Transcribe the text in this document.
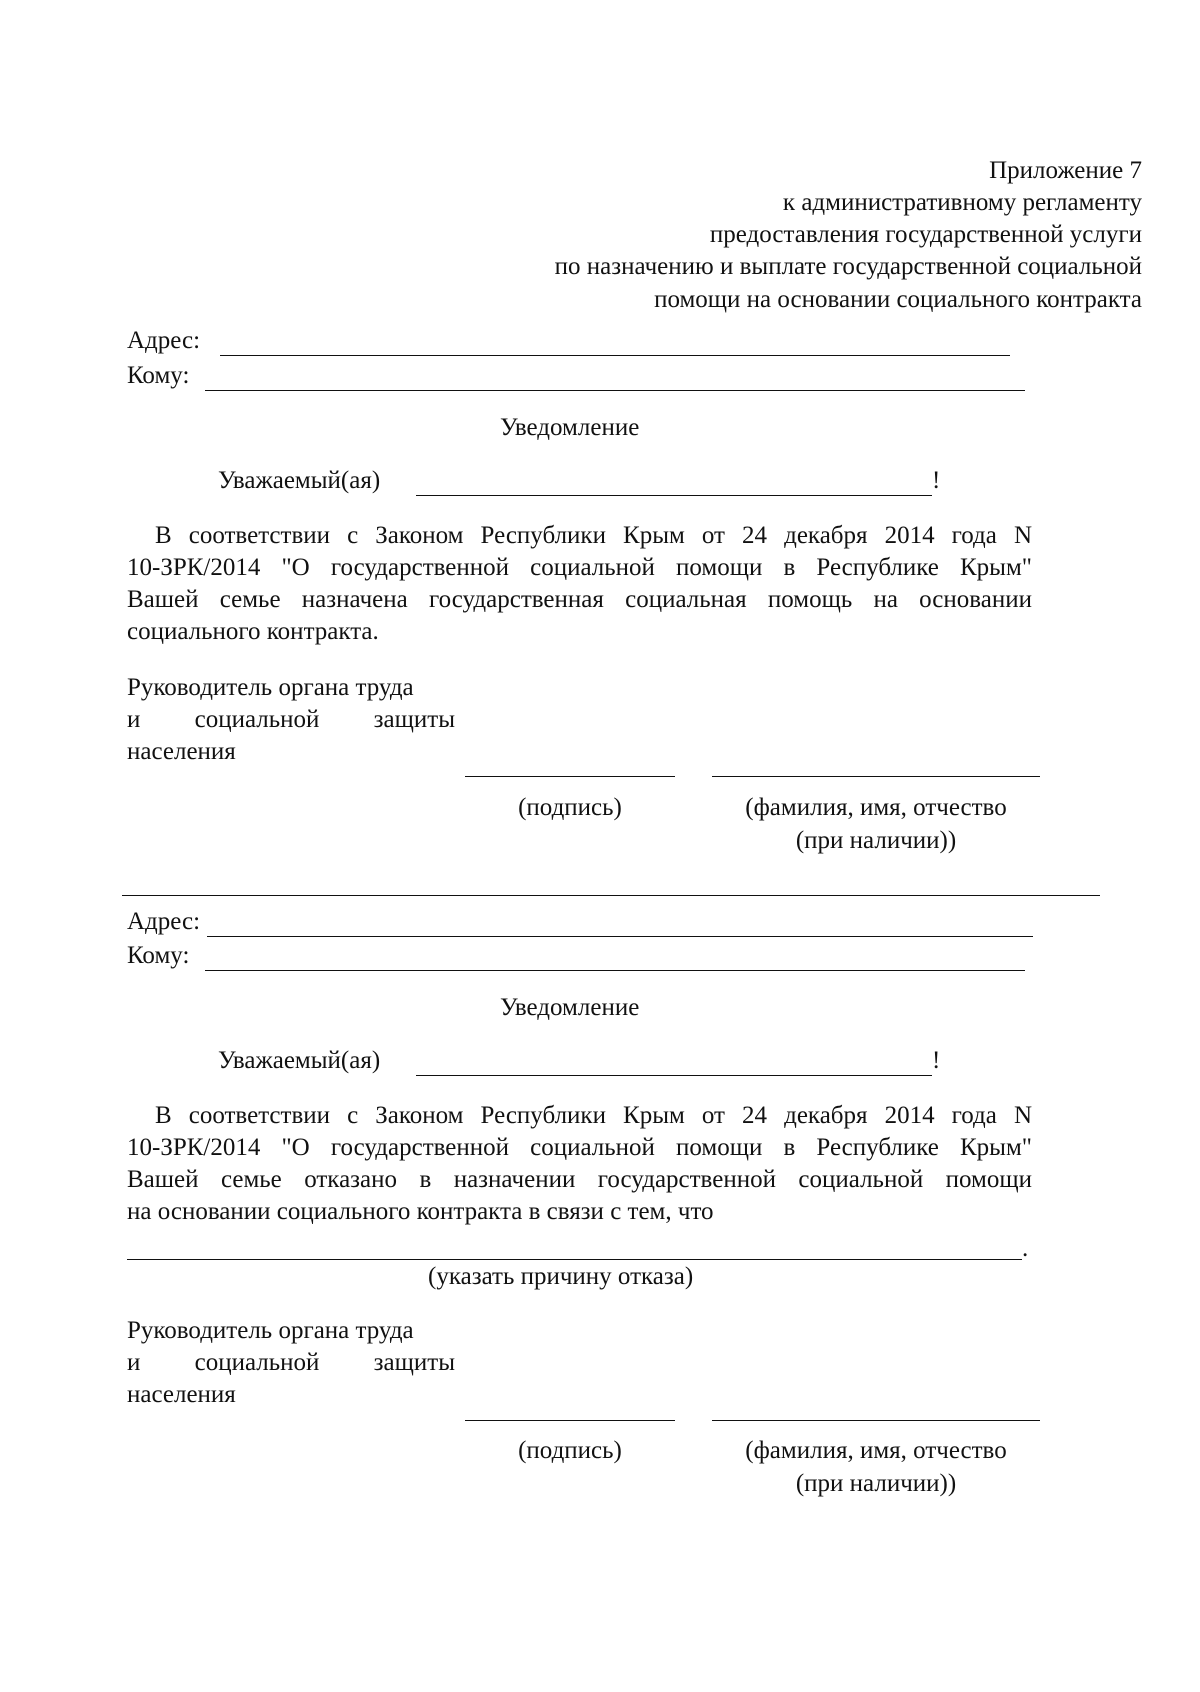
Приложение 7
к административному регламенту
предоставления государственной услуги
по назначению и выплате государственной социальной
помощи на основании социального контракта
Адрес:
Кому:
Уведомление
Уважаемый(ая)	!
В соответствии с Законом Республики Крым от 24 декабря 2014 года N
10-ЗРК/2014 "О государственной социальной помощи в Республике Крым"
Вашей семье назначена государственная социальная помощь на основании
социального контракта.
Руководитель органа труда
и социальной защиты
населения
(подпись)	(фамилия, имя, отчество
(при наличии))
Адрес:
Кому:
Уведомление
Уважаемый(ая)	!
В соответствии с Законом Республики Крым от 24 декабря 2014 года N
10-ЗРК/2014 "О государственной социальной помощи в Республике Крым"
Вашей семье отказано в назначении государственной социальной помощи
на основании социального контракта в связи с тем, что
.
(указать причину отказа)
Руководитель органа труда
и социальной защиты
населения
(подпись)	(фамилия, имя, отчество
(при наличии))
